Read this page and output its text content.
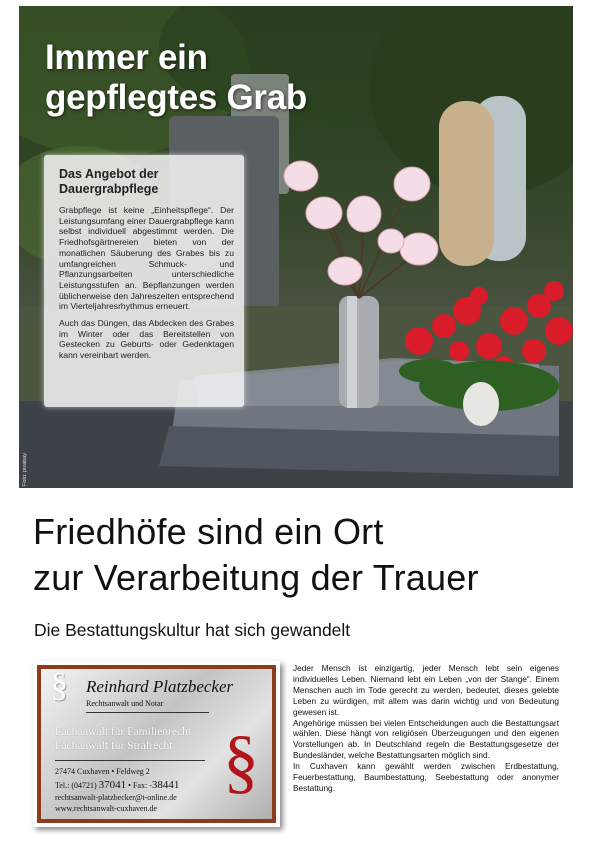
Immer ein
gepflegtes Grab
Das Angebot der
Dauergrabpflege

Grabpflege ist keine „Einheitspflege“. Der Leistungsumfang einer Dauergrabpflege kann selbst individuell abgestimmt werden. Die Friedhofsgärtnereien bieten von der monatlichen Säuberung des Grabes bis zu umfangreichen Schmuck- und Pflanzungsarbeiten unterschiedliche Leistungsstufen an. Bepflanzungen werden üblicherweise den Jahreszeiten entsprechend im Vierteljahresrhythmus erneuert.

Auch das Düngen, das Abdecken des Grabes im Winter oder das Bereitstellen von Gestecken zu Geburts- oder Gedenktagen kann vereinbart werden.

Foto: pixabay
Friedhöfe sind ein Ort
zur Verarbeitung der Trauer
Die Bestattungskultur hat sich gewandelt
§
§
Reinhard Platzbecker
Rechtsanwalt und Notar
Fachanwalt für Familienrecht
Fachanwalt für Strafrecht
27474 Cuxhaven • Feldweg 2
Tel.: (04721) 37041 • Fax: -38441
rechtsanwalt-platzbecker@t-online.de
www.rechtsanwalt-cuxhaven.de

Jeder Mensch ist einzigartig, jeder Mensch lebt sein eigenes individuelles Leben. Niemand lebt ein Leben „von der Stange“. Einem Menschen auch im Tode gerecht zu werden, bedeutet, dieses gelebte Leben zu würdigen, mit allem was darin wichtig und von Bedeutung gewesen ist.

Angehörige müssen bei vielen Entscheidungen auch die Bestattungsart wählen. Diese hängt von religiösen Überzeugungen und den eigenen Vorstellungen ab. In Deutschland regeln die Bestattungsgesetze der Bundesländer, welche Bestattungsarten möglich sind.

In Cuxhaven kann gewählt werden zwischen Erdbestattung, Feuerbestattung, Baumbestattung, Seebestattung oder anonymer Bestattung.
